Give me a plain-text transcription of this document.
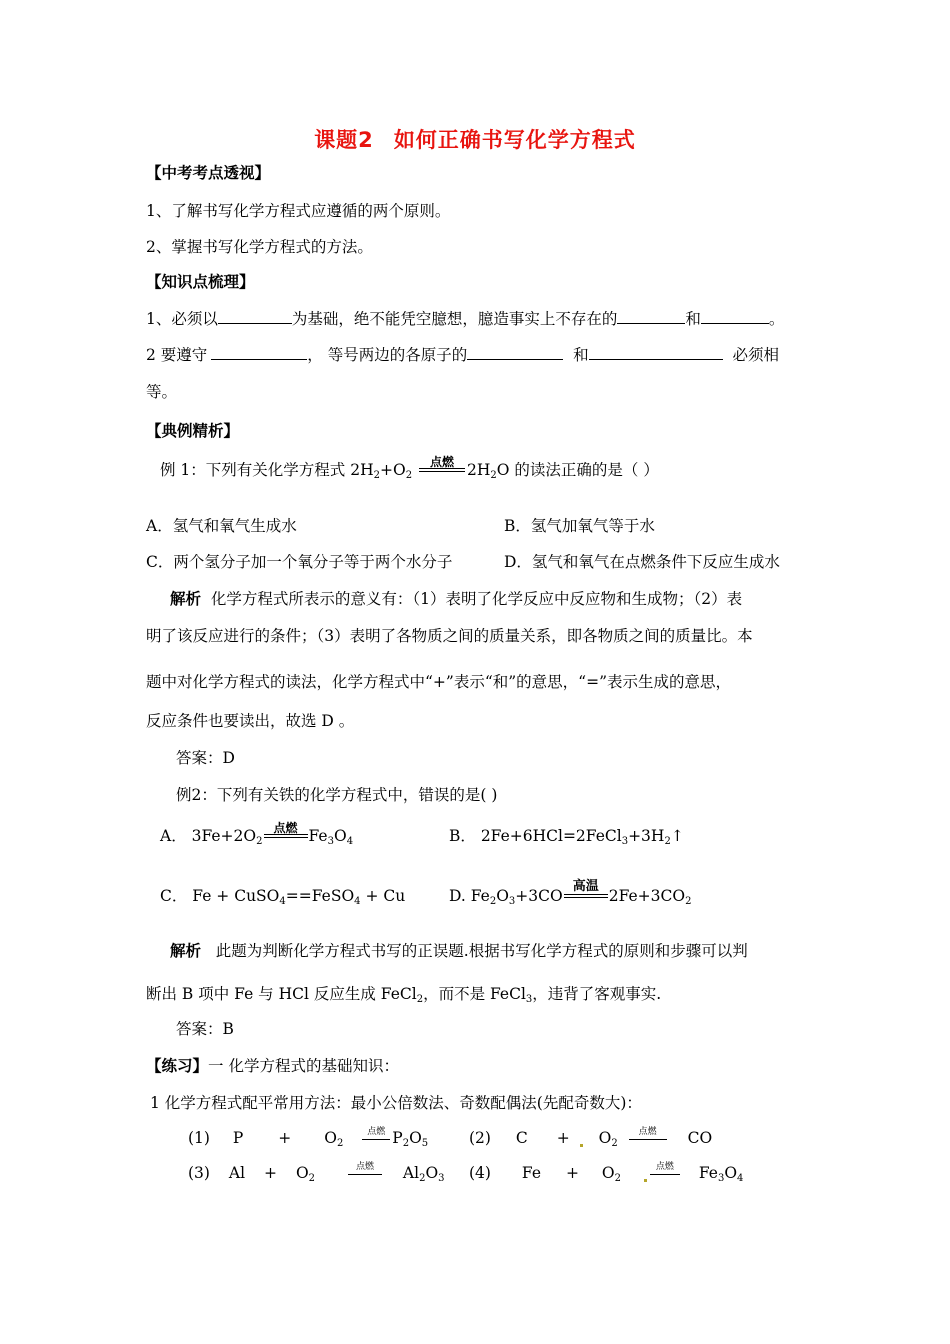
课题2 如何正确书写化学方程式
【中考考点透视】
1、了解书写化学方程式应遵循的两个原则。
2、掌握书写化学方程式的方法。
【知识点梳理】
1、必须以	为基础，绝不能凭空臆想，臆造事实上不存在的	和	。
2 要遵守	， 等号两边的各原子的	和	必须相
等。
【典例精析】
例 1：下列有关化学方程式 $2H_2+O_2$
点燃 $2H_2O$ 的读法正确的是（ ）
A．氢气和氧气生成水	B．氢气加氧气等于水
C．两个氢分子加一个氧分子等于两个水分子	D．氢气和氧气在点燃条件下反应生成水
解析 化学方程式所表示的意义有：（1）表明了化学反应中反应物和生成物；（2）表
明了该反应进行的条件；（3）表明了各物质之间的质量关系，即各物质之间的质量比。本
题中对化学方程式的读法，化学方程式中“+”表示“和”的意思，“=”表示生成的意思，
反应条件也要读出，故选 D 。
答案：D
例2：下列有关铁的化学方程式中，错误的是( )
A． $3Fe+2O_2$
点燃 $Fe_3O_4$	B． $2Fe+6HCl=2FeCl_3+3H_2↑$
C． Fe + CuSO$_4$==FeSO$_4$ + Cu	D. $Fe_2O_3+3CO$
高温
$2Fe+3CO_2$
解析 此题为判断化学方程式书写的正误题.根据书写化学方程式的原则和步骤可以判
断出 B 项中 Fe 与 HCl 反应生成 FeCl$_2$，而不是 FeCl$_3$，违背了客观事实.
答案：B
【练习】一 化学方程式的基础知识：
1 化学方程式配平常用方法：最小公倍数法、奇数配偶法(先配奇数大)：
(1) $P + O_2$
点燃 $P_2O_5$	(2) $C + O_2$
点燃	CO
(3) $Al + O_2$
点燃	$Al_2O_3$ (4) $Fe + O_2$
点燃	$Fe_3O_4$
